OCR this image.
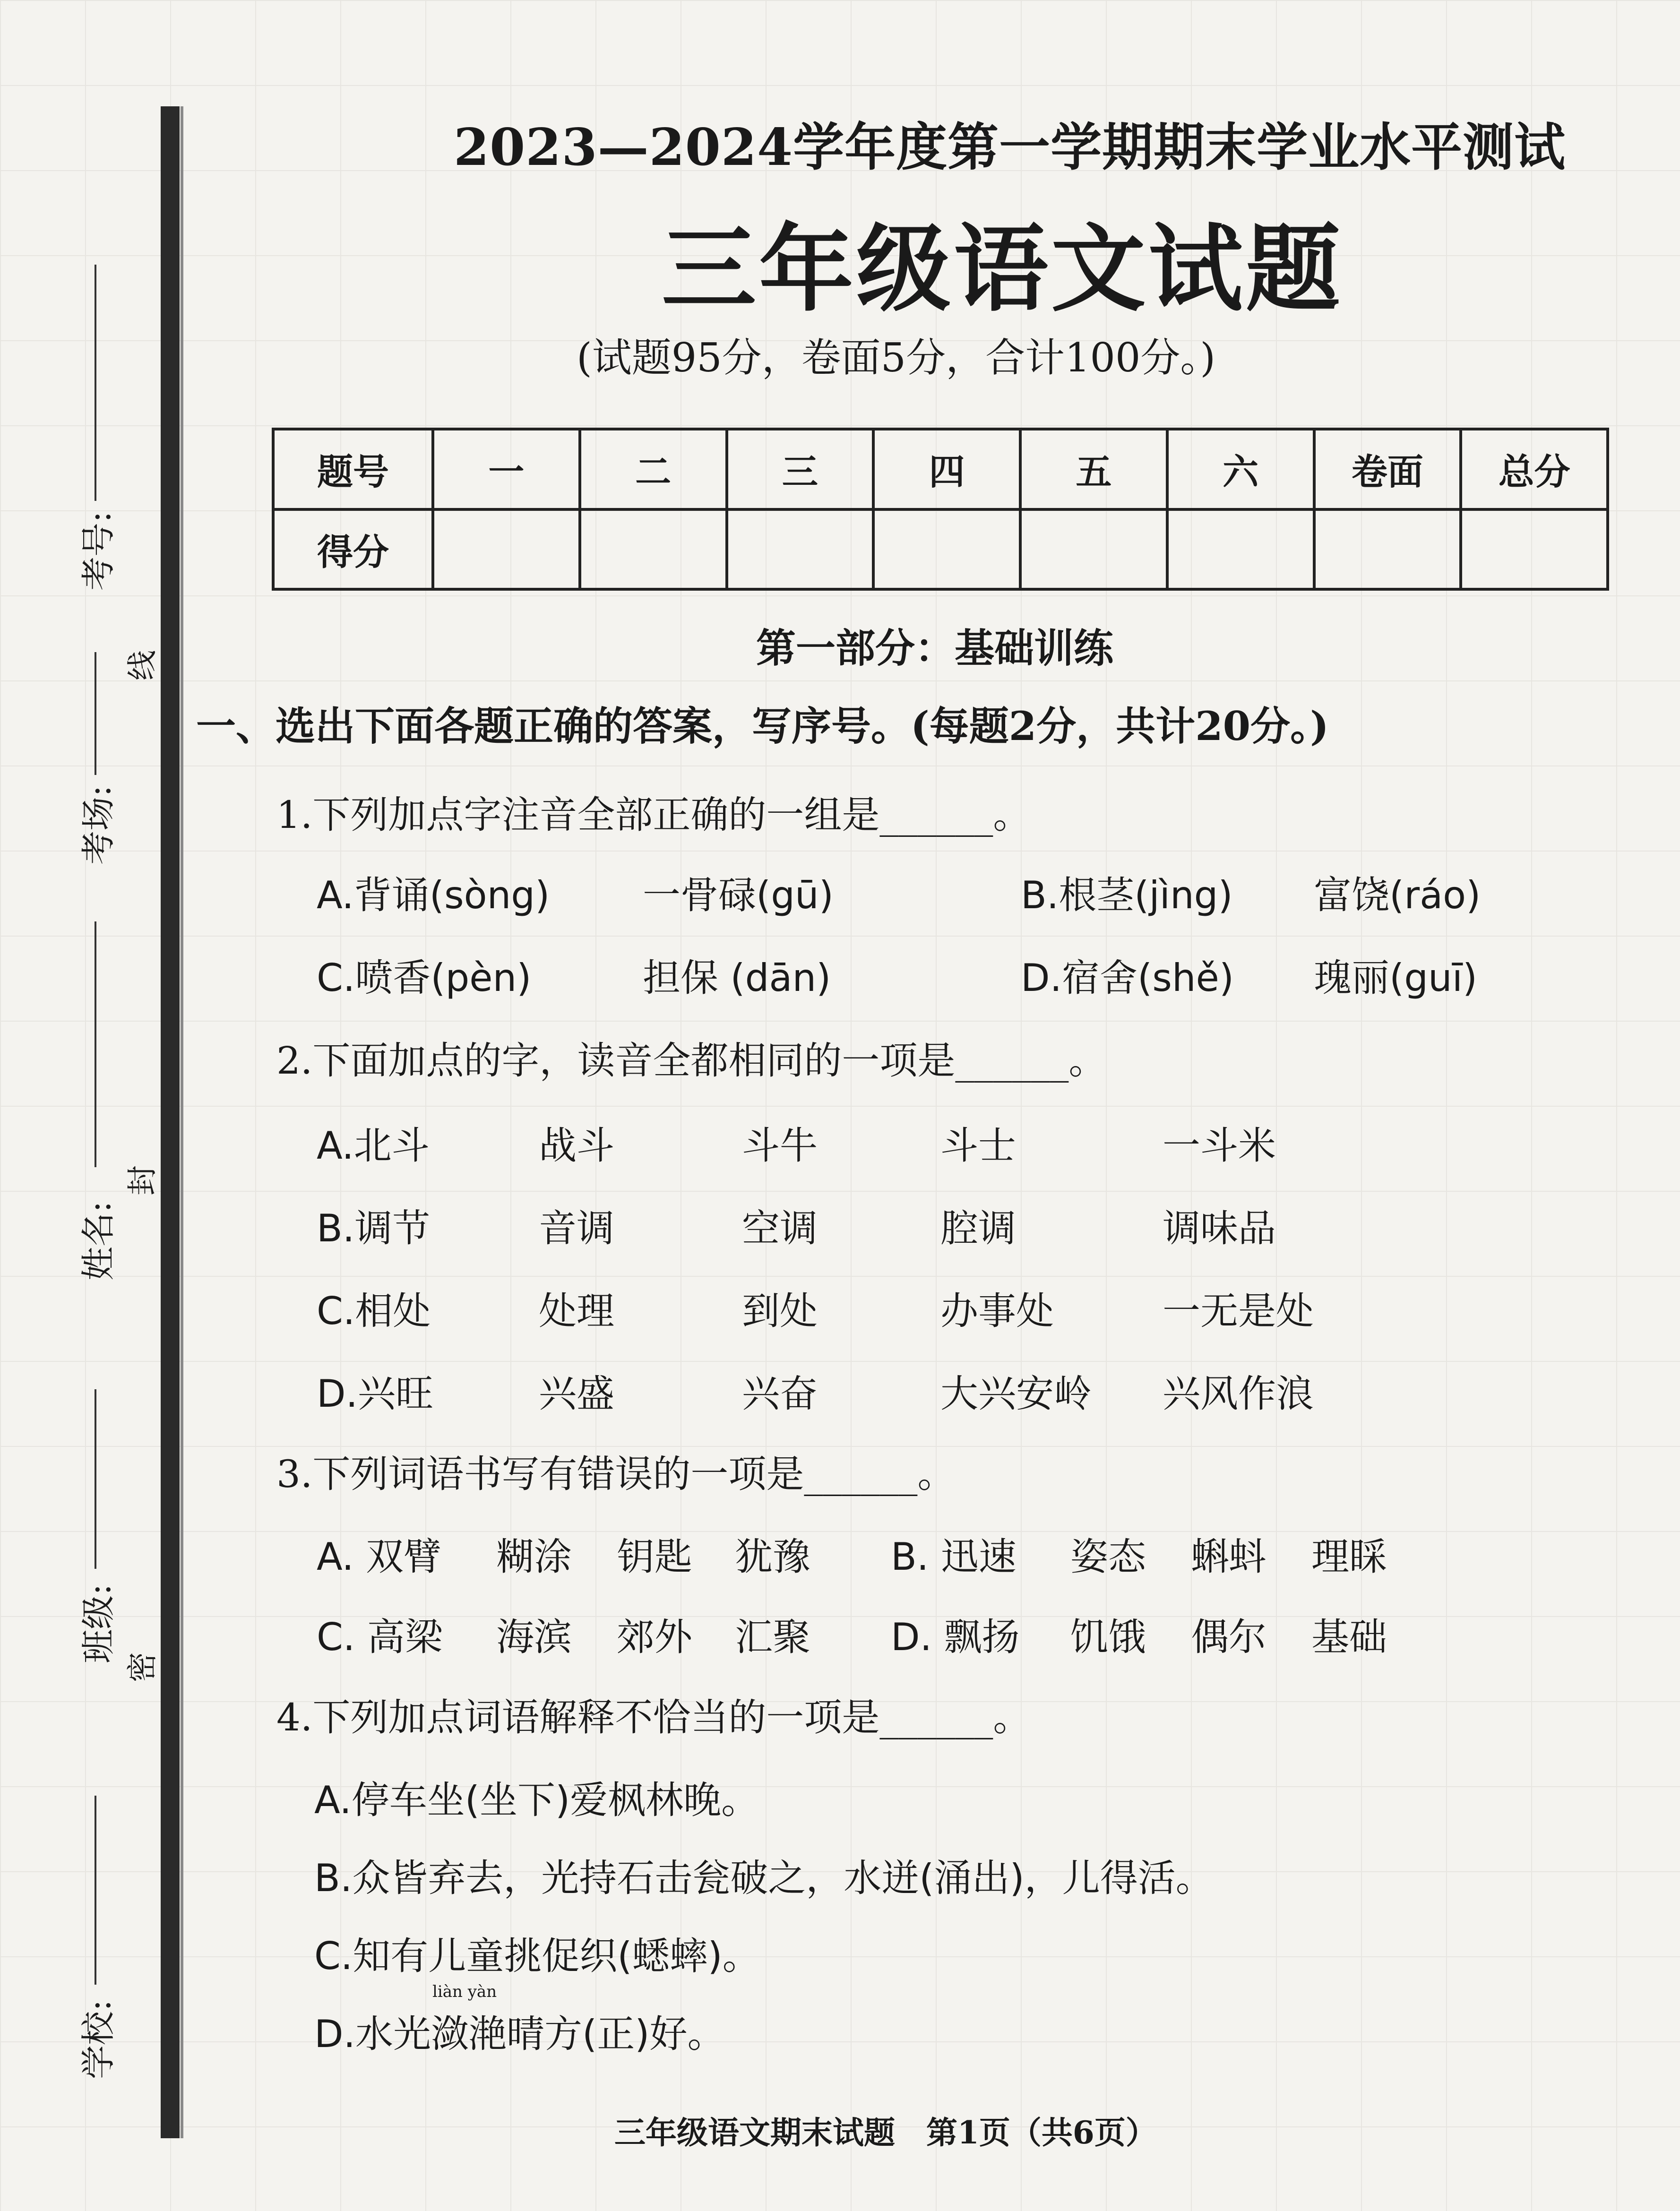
考号:
线
考场:
封
姓名:
班级:
密
学校:
2023—2024学年度第一学期期末学业水平测试
三年级语文试题
(试题95分，卷面5分，合计100分。)
题号	一	二	三	四	五	六	卷面	总分
得分								
第一部分：基础训练
一、选出下面各题正确的答案，写序号。(每题2分，共计20分。)
1.下列加点字注音全部正确的一组是______。
A.背诵(sòng) 一骨碌(gū)	B.根茎(jìng) 富饶(ráo)
C.喷香(pèn)	担保 (dān)	D.宿舍(shě) 瑰丽(guī)
2.下面加点的字，读音全都相同的一项是______。
A.北斗	战斗	斗牛	斗士	一斗米
B.调节	音调	空调	腔调	调味品
C.相处	处理	到处	办事处	一无是处
D.兴旺	兴盛	兴奋	大兴安岭 兴风作浪
3.下列词语书写有错误的一项是______。
A. 双臂 糊涂 钥匙 犹豫 B. 迅速 姿态 蝌蚪 理睬
C. 高梁 海滨 郊外 汇聚 D. 飘扬 饥饿 偶尔 基础
4.下列加点词语解释不恰当的一项是______。
A.停车坐(坐下)爱枫林晚。
B.众皆弃去，光持石击瓮破之，水迸(涌出)，儿得活。
C.知有儿童挑促织(蟋蟀)。
liàn yàn
D.水光潋滟晴方(正)好。
三年级语文期末试题　第1页（共6页）
